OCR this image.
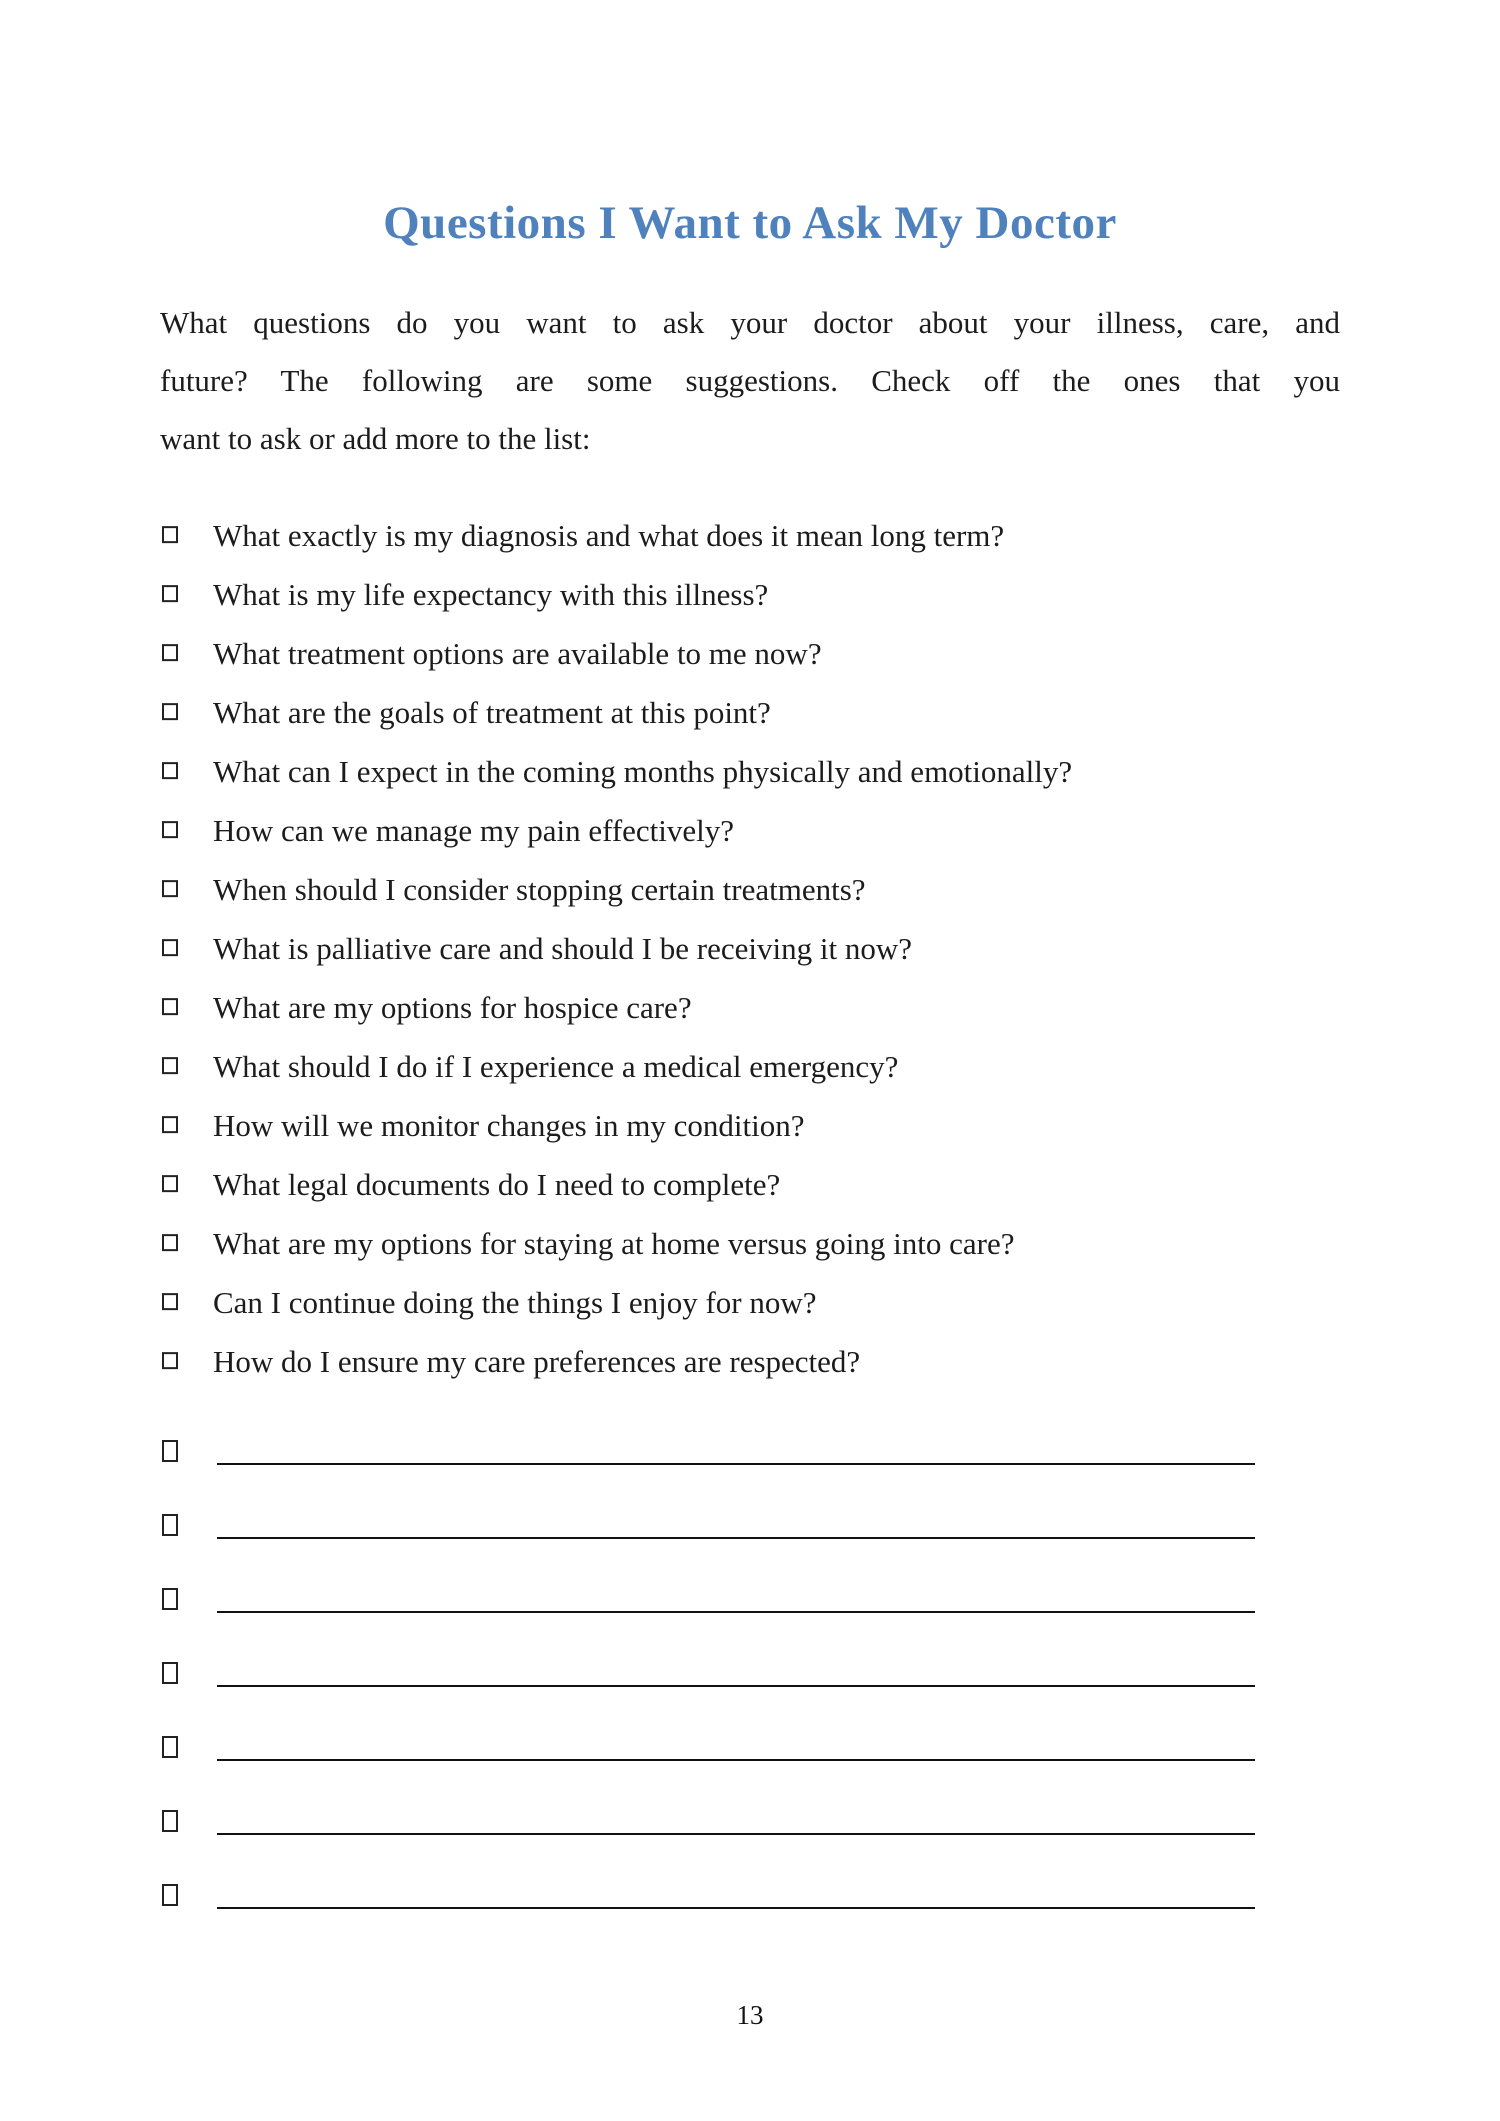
Questions I Want to Ask My Doctor
What questions do you want to ask your doctor about your illness, care, and
future? The following are some suggestions. Check off the ones that you
want to ask or add more to the list:
What exactly is my diagnosis and what does it mean long term?
What is my life expectancy with this illness?
What treatment options are available to me now?
What are the goals of treatment at this point?
What can I expect in the coming months physically and emotionally?
How can we manage my pain effectively?
When should I consider stopping certain treatments?
What is palliative care and should I be receiving it now?
What are my options for hospice care?
What should I do if I experience a medical emergency?
How will we monitor changes in my condition?
What legal documents do I need to complete?
What are my options for staying at home versus going into care?
Can I continue doing the things I enjoy for now?
How do I ensure my care preferences are respected?
13
